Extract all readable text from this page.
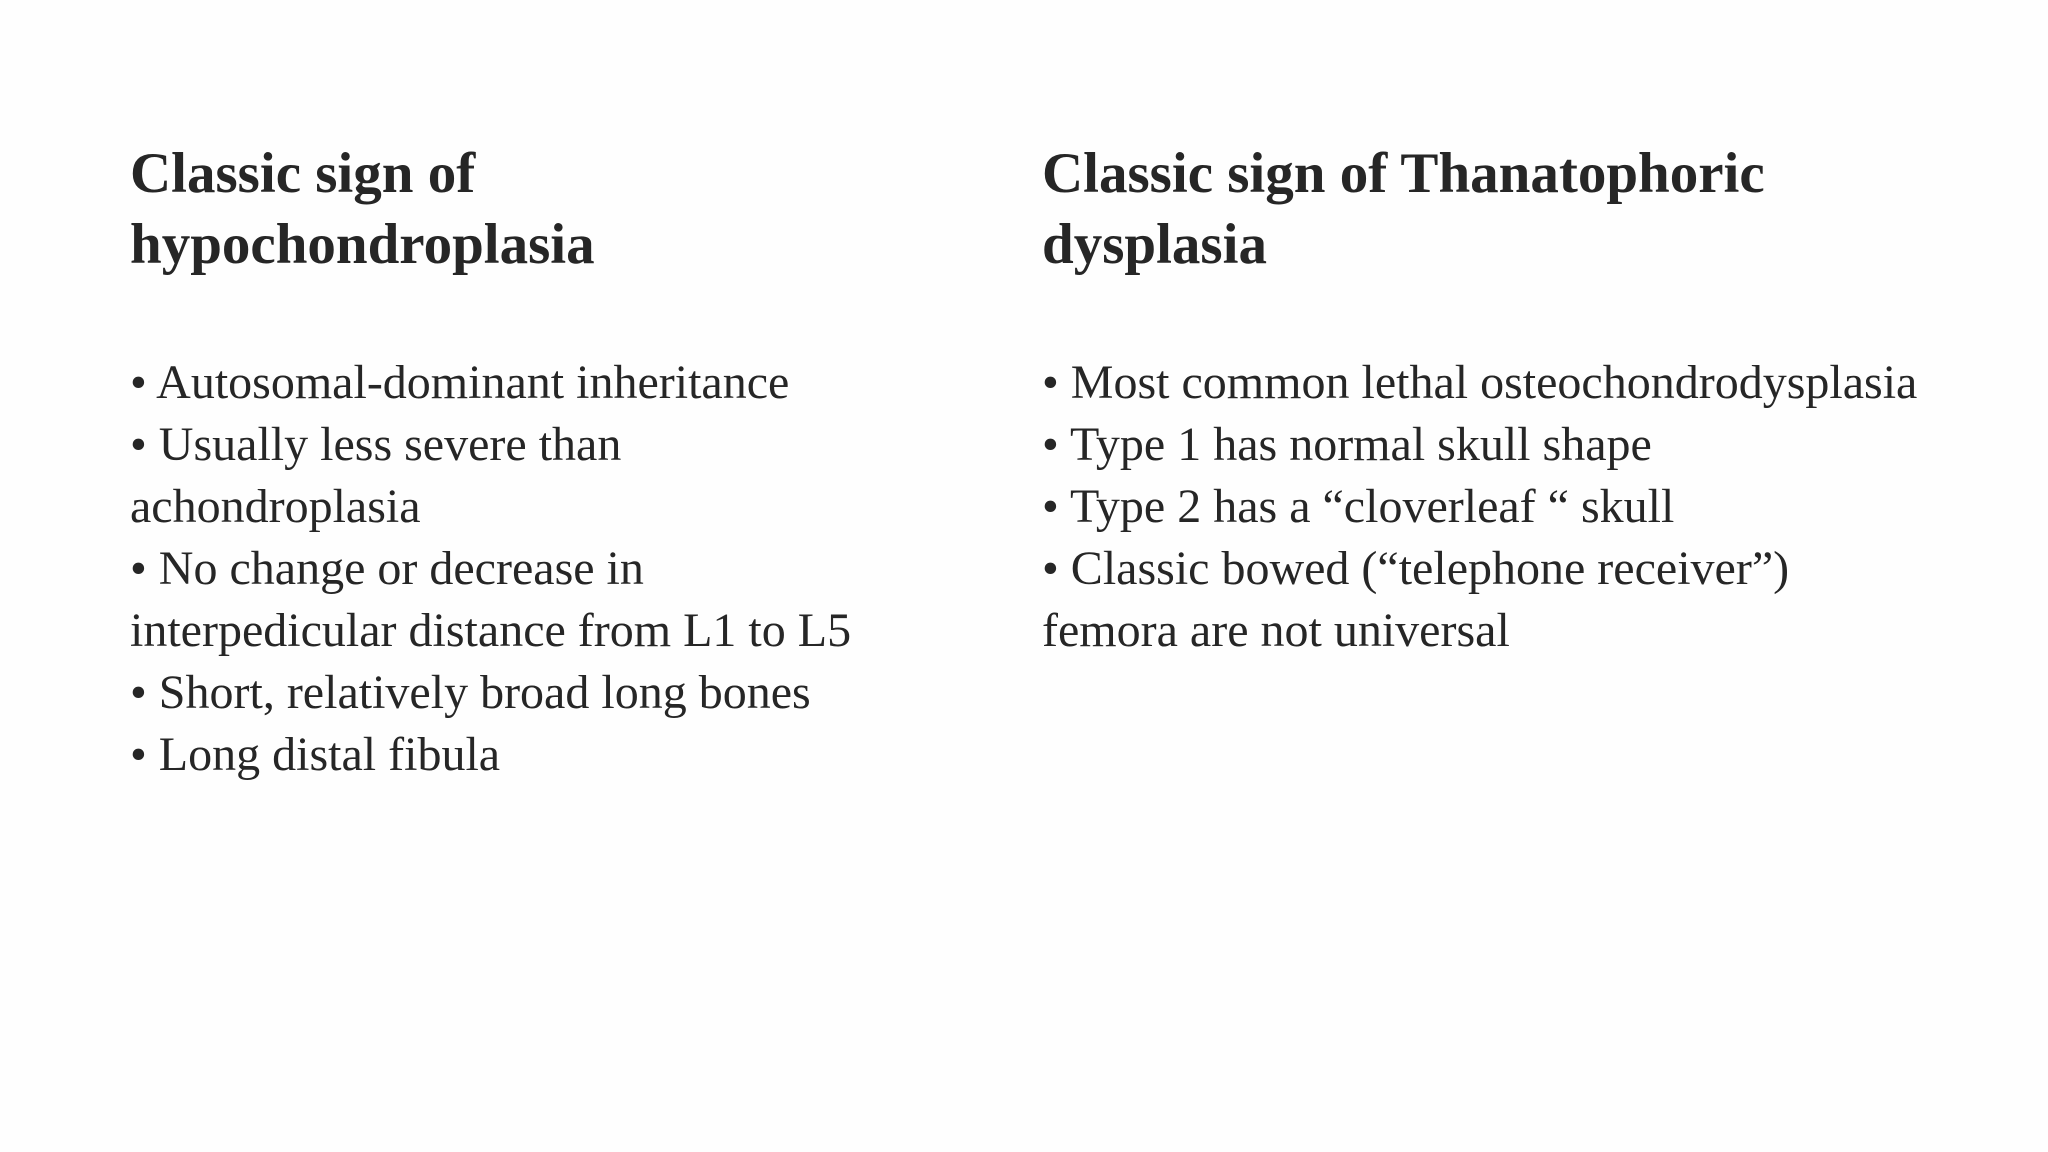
Classic sign of hypochondroplasia
• Autosomal-dominant inheritance
• Usually less severe than achondroplasia
• No change or decrease in interpedicular distance from L1 to L5
• Short, relatively broad long bones
• Long distal fibula
Classic sign of Thanatophoric dysplasia
• Most common lethal osteochondrodysplasia
• Type 1 has normal skull shape
• Type 2 has a “cloverleaf “ skull
• Classic bowed (“telephone receiver”) femora are not universal
